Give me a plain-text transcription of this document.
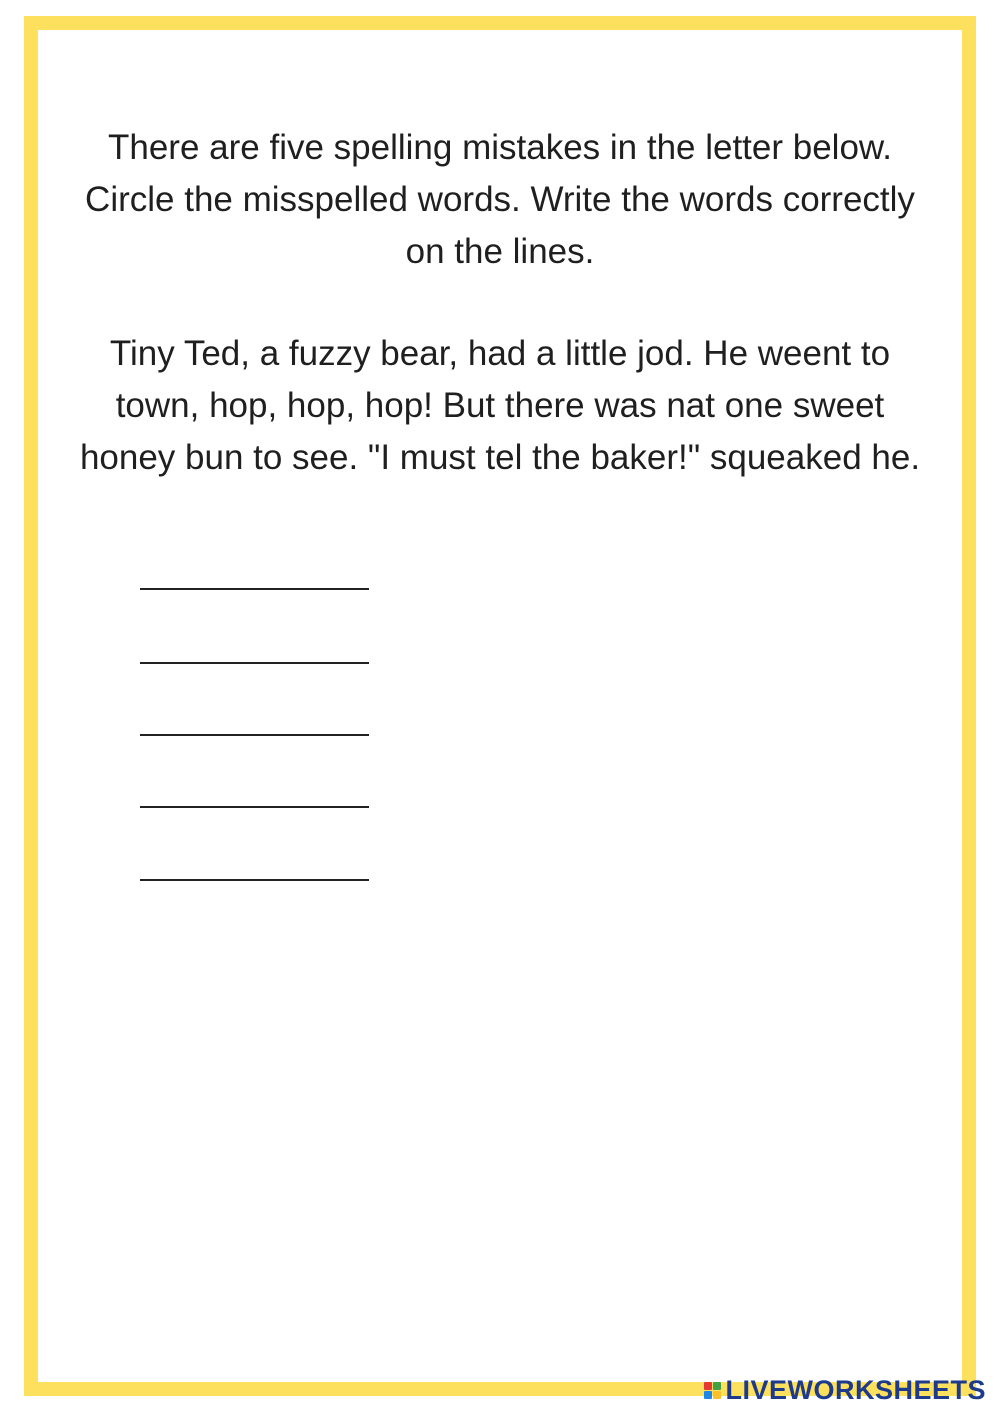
There are five spelling mistakes in the letter below. Circle the misspelled words. Write the words correctly on the lines.

Tiny Ted, a fuzzy bear, had a little jod. He weent to town, hop, hop, hop! But there was nat one sweet honey bun to see. "I must tel the baker!" squeaked he.

LIVEWORKSHEETS
